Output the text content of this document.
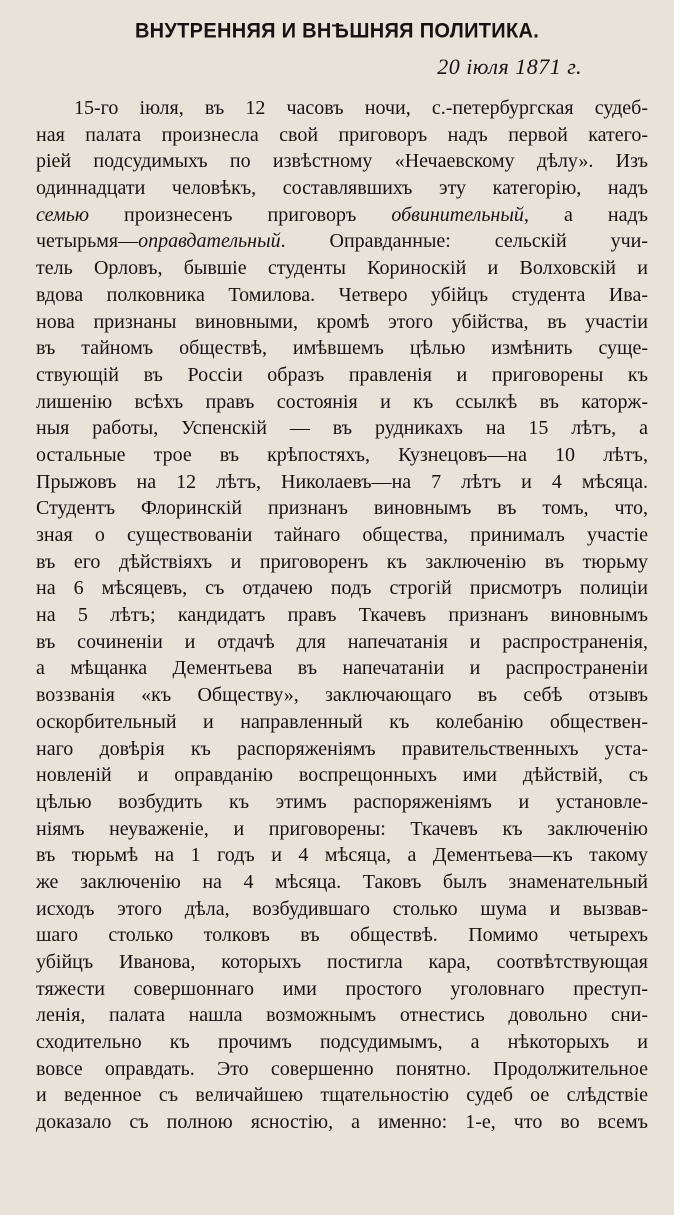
ВНУТРЕННЯЯ И ВНѢШНЯЯ ПОЛИТИКА.
20 іюля 1871 г.
15-го іюля, въ 12 часовъ ночи, с.-петербургская судеб-
ная палата произнесла свой приговоръ надъ первой катего-
ріей подсудимыхъ по извѣстному «Нечаевскому дѣлу». Изъ
одиннадцати человѣкъ, составлявшихъ эту категорію, надъ
семью произнесенъ приговоръ обвинительный, а надъ
четырьмя—оправдательный. Оправданные: сельскій учи-
тель Орловъ, бывшіе студенты Кориноскій и Волховскій и
вдова полковника Томилова. Четверо убійцъ студента Ива-
нова признаны виновными, кромѣ этого убійства, въ участіи
въ тайномъ обществѣ, имѣвшемъ цѣлью измѣнить суще-
ствующій въ Россіи образъ правленія и приговорены къ
лишенію всѣхъ правъ состоянія и къ ссылкѣ въ каторж-
ныя работы, Успенскій — въ рудникахъ на 15 лѣтъ, а
остальные трое въ крѣпостяхъ, Кузнецовъ—на 10 лѣтъ,
Прыжовъ на 12 лѣтъ, Николаевъ—на 7 лѣтъ и 4 мѣсяца.
Студентъ Флоринскій признанъ виновнымъ въ томъ, что,
зная о существованіи тайнаго общества, принималъ участіе
въ его дѣйствіяхъ и приговоренъ къ заключенію въ тюрьму
на 6 мѣсяцевъ, съ отдачею подъ строгій присмотръ полиціи
на 5 лѣтъ; кандидатъ правъ Ткачевъ признанъ виновнымъ
въ сочиненіи и отдачѣ для напечатанія и распространенія,
а мѣщанка Дементьева въ напечатаніи и распространеніи
воззванія «къ Обществу», заключающаго въ себѣ отзывъ
оскорбительный и направленный къ колебанію обществен-
наго довѣрія къ распоряженіямъ правительственныхъ уста-
новленій и оправданію воспрещонныхъ ими дѣйствій, съ
цѣлью возбудить къ этимъ распоряженіямъ и установле-
ніямъ неуваженіе, и приговорены: Ткачевъ къ заключенію
въ тюрьмѣ на 1 годъ и 4 мѣсяца, а Дементьева—къ такому
же заключенію на 4 мѣсяца. Таковъ былъ знаменательный
исходъ этого дѣла, возбудившаго столько шума и вызвав-
шаго столько толковъ въ обществѣ. Помимо четырехъ
убійцъ Иванова, которыхъ постигла кара, соотвѣтствующая
тяжести совершоннаго ими простого уголовнаго преступ-
ленія, палата нашла возможнымъ отнестись довольно сни-
сходительно къ прочимъ подсудимымъ, а нѣкоторыхъ и
вовсе оправдать. Это совершенно понятно. Продолжительное
и веденное съ величайшею тщательностію судеб ое слѣдствіе
доказало съ полною ясностію, а именно: 1-е, что во всемъ
